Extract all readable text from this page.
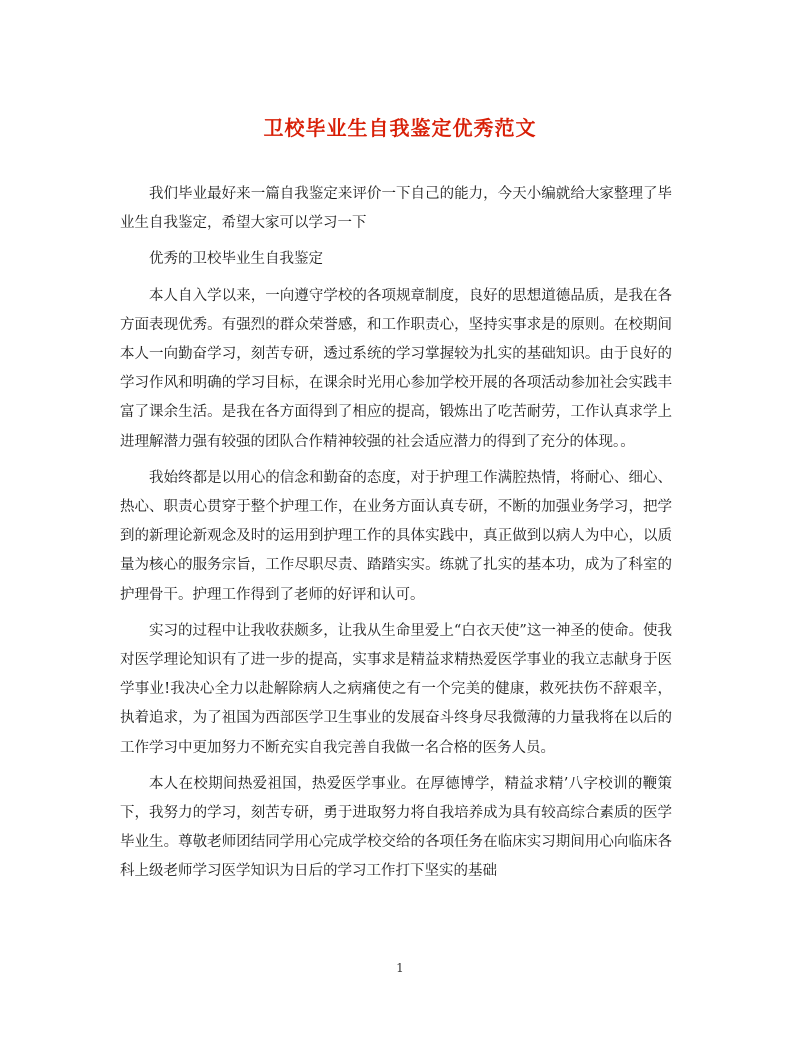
卫校毕业生自我鉴定优秀范文

我们毕业最好来一篇自我鉴定来评价一下自己的能力，今天小编就给大家整理了毕业生自我鉴定，希望大家可以学习一下

优秀的卫校毕业生自我鉴定

本人自入学以来，一向遵守学校的各项规章制度，良好的思想道德品质，是我在各方面表现优秀。有强烈的群众荣誉感，和工作职责心，坚持实事求是的原则。在校期间本人一向勤奋学习，刻苦专研，透过系统的学习掌握较为扎实的基础知识。由于良好的学习作风和明确的学习目标，在课余时光用心参加学校开展的各项活动参加社会实践丰富了课余生活。是我在各方面得到了相应的提高，锻炼出了吃苦耐劳，工作认真求学上进理解潜力强有较强的团队合作精神较强的社会适应潜力的得到了充分的体现。。

我始终都是以用心的信念和勤奋的态度，对于护理工作满腔热情，将耐心、细心、热心、职责心贯穿于整个护理工作，在业务方面认真专研，不断的加强业务学习，把学到的新理论新观念及时的运用到护理工作的具体实践中，真正做到以病人为中心，以质量为核心的服务宗旨，工作尽职尽责、踏踏实实。练就了扎实的基本功，成为了科室的护理骨干。护理工作得到了老师的好评和认可。

实习的过程中让我收获颇多，让我从生命里爱上“白衣天使”这一神圣的使命。使我对医学理论知识有了进一步的提高，实事求是精益求精热爱医学事业的我立志献身于医学事业!我决心全力以赴解除病人之病痛使之有一个完美的健康，救死扶伤不辞艰辛，执着追求，为了祖国为西部医学卫生事业的发展奋斗终身尽我微薄的力量我将在以后的工作学习中更加努力不断充实自我完善自我做一名合格的医务人员。

本人在校期间热爱祖国，热爱医学事业。在厚德博学，精益求精’八字校训的鞭策下，我努力的学习，刻苦专研，勇于进取努力将自我培养成为具有较高综合素质的医学毕业生。尊敬老师团结同学用心完成学校交给的各项任务在临床实习期间用心向临床各科上级老师学习医学知识为日后的学习工作打下坚实的基础

1
